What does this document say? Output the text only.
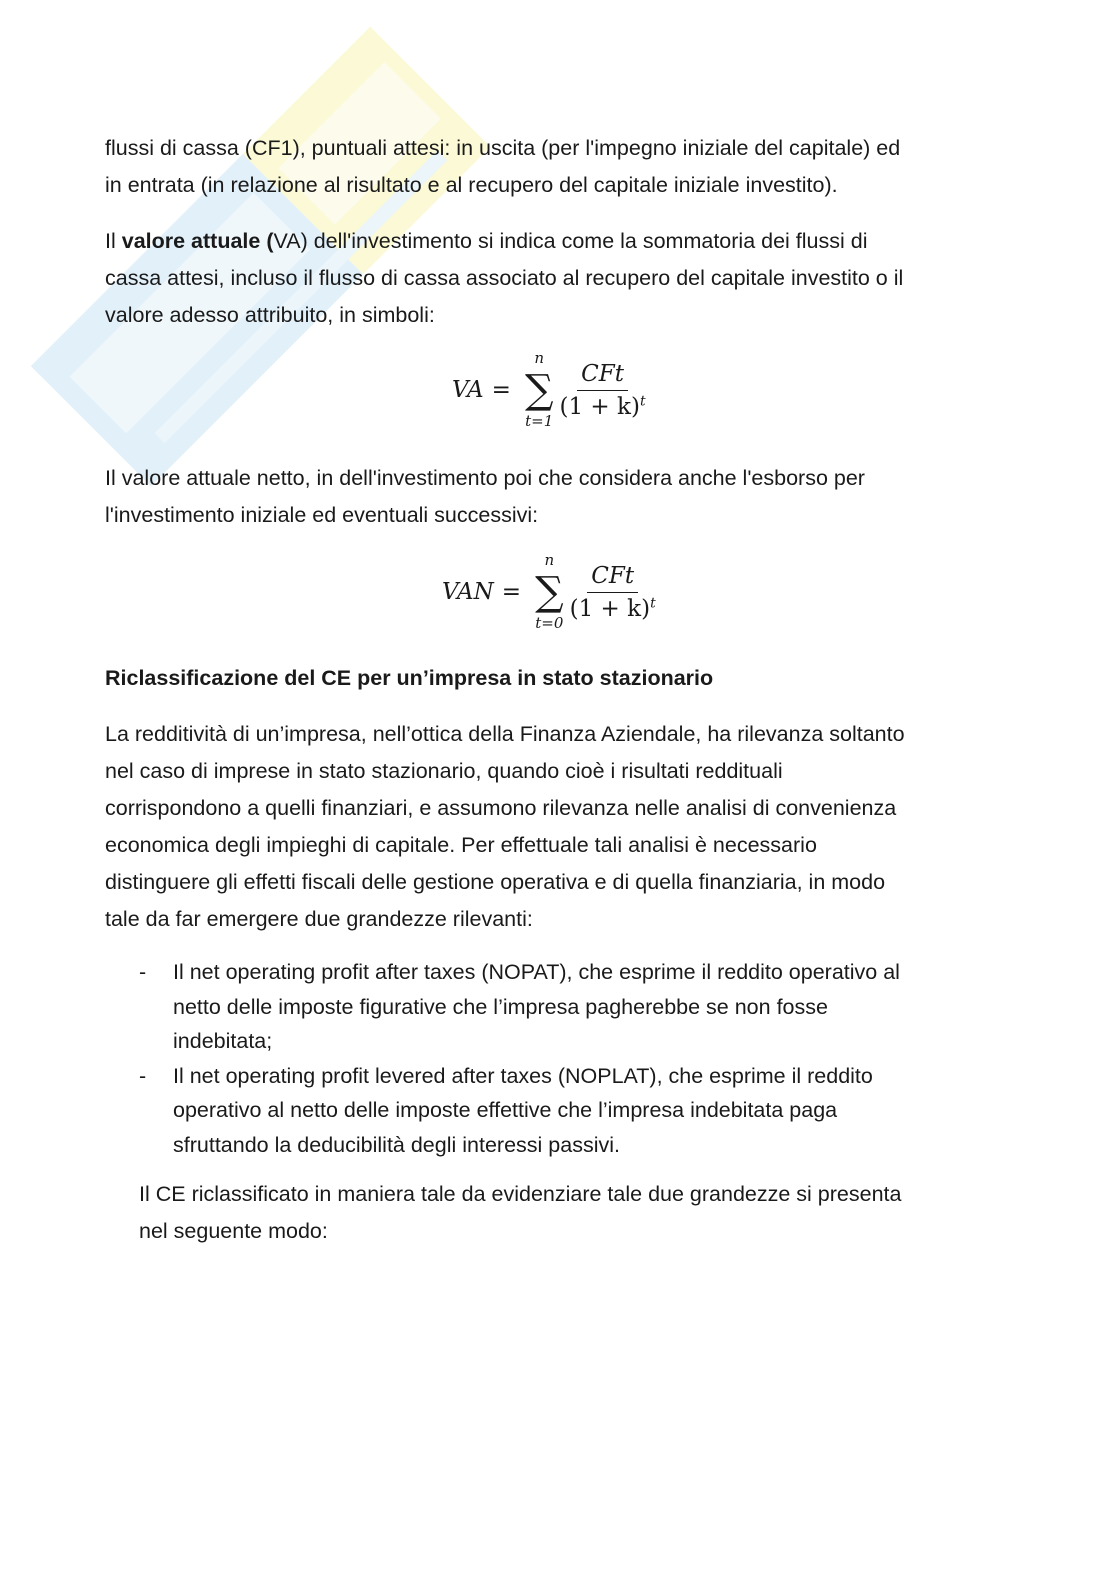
flussi di cassa (CF1), puntuali attesi: in uscita (per l'impegno iniziale del capitale) ed
in entrata (in relazione al risultato e al recupero del capitale iniziale investito).
Il valore attuale (VA) dell'investimento si indica come la sommatoria dei flussi di
cassa attesi, incluso il flusso di cassa associato al recupero del capitale investito o il
valore adesso attribuito, in simboli:
VA =
n
∑
t=1
$\frac{\text{CFt}}{(1 + k)^t}$
Il valore attuale netto, in dell'investimento poi che considera anche l'esborso per
l'investimento iniziale ed eventuali successivi:
VAN =
n
∑
t=0
$\frac{\text{CFt}}{(1 + k)^t}$
Riclassificazione del CE per un’impresa in stato stazionario
La redditività di un’impresa, nell’ottica della Finanza Aziendale, ha rilevanza soltanto
nel caso di imprese in stato stazionario, quando cioè i risultati reddituali
corrispondono a quelli finanziari, e assumono rilevanza nelle analisi di convenienza
economica degli impieghi di capitale. Per effettuale tali analisi è necessario
distinguere gli effetti fiscali delle gestione operativa e di quella finanziaria, in modo
tale da far emergere due grandezze rilevanti:
-	Il net operating profit after taxes (NOPAT), che esprime il reddito operativo al
netto delle imposte figurative che l’impresa pagherebbe se non fosse
indebitata;
-	Il net operating profit levered after taxes (NOPLAT), che esprime il reddito
operativo al netto delle imposte effettive che l’impresa indebitata paga
sfruttando la deducibilità degli interessi passivi.
Il CE riclassificato in maniera tale da evidenziare tale due grandezze si presenta
nel seguente modo:
